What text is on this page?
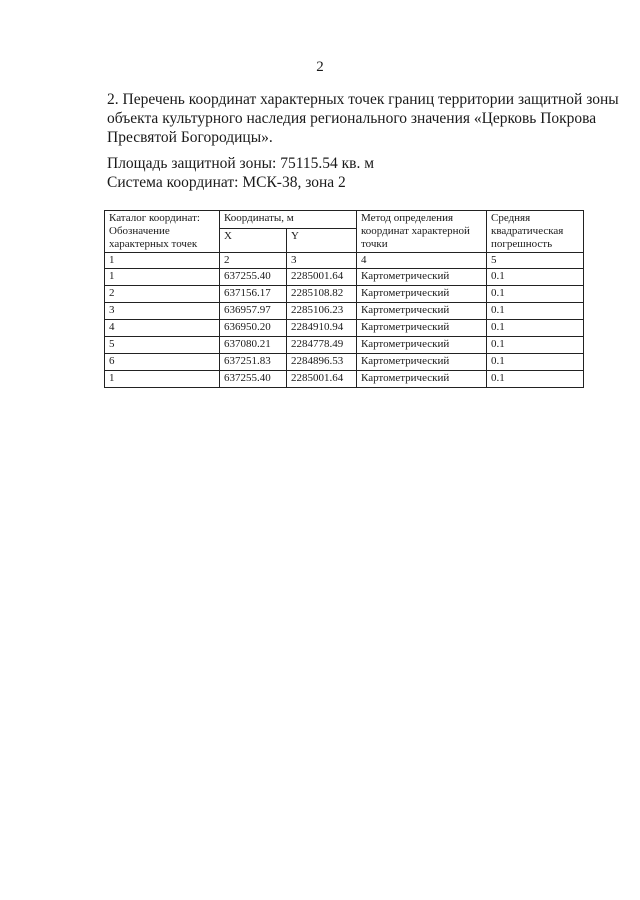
2
2. Перечень координат характерных точек границ территории защитной зоны
объекта культурного наследия регионального значения «Церковь Покрова
Пресвятой Богородицы».
Площадь защитной зоны: 75115.54 кв. м
Система координат: МСК-38, зона 2
Каталог координат: Обозначение характерных точек	Координаты, м		Метод определения координат характерной точки	Средняя квадратическая погрешность
	X	Y		
1	2	3	4	5
1	637255.40	2285001.64	Картометрический	0.1
2	637156.17	2285108.82	Картометрический	0.1
3	636957.97	2285106.23	Картометрический	0.1
4	636950.20	2284910.94	Картометрический	0.1
5	637080.21	2284778.49	Картометрический	0.1
6	637251.83	2284896.53	Картометрический	0.1
1	637255.40	2285001.64	Картометрический	0.1
